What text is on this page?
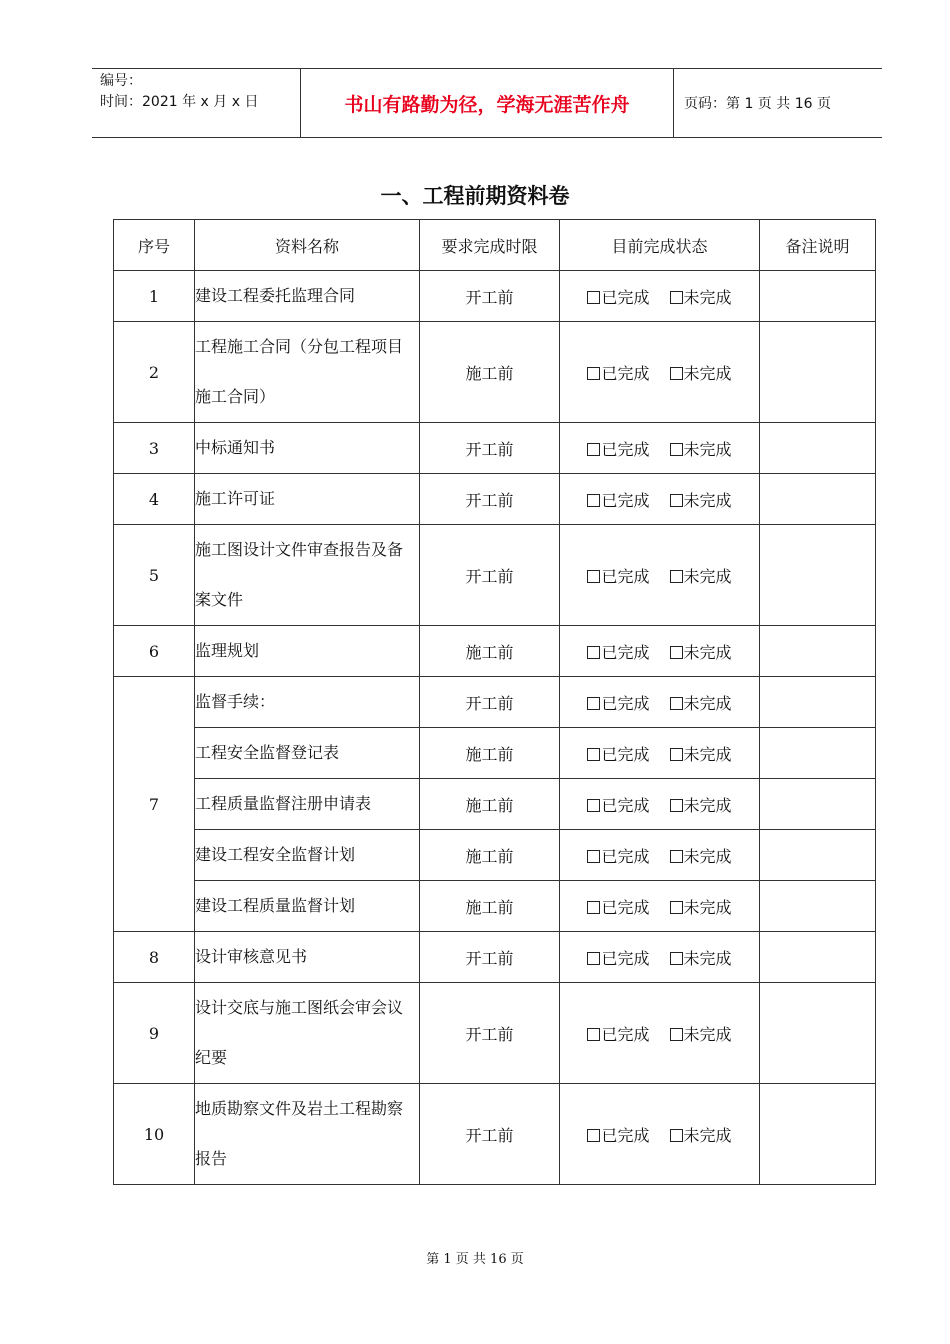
编号：
时间：2021 年 x 月 x 日	书山有路勤为径，学海无涯苦作舟	页码：第 1 页 共 16 页
一、工程前期资料卷
序号	资料名称	要求完成时限	目前完成状态	备注说明
1	建设工程委托监理合同	开工前	已完成 未完成	
2	工程施工合同（分包工程项目施工合同）	施工前	已完成 未完成	
3	中标通知书	开工前	已完成 未完成	
4	施工许可证	开工前	已完成 未完成	
5	施工图设计文件审查报告及备案文件	开工前	已完成 未完成	
6	监理规划	施工前	已完成 未完成	
7	监督手续：	开工前	已完成 未完成	
	工程安全监督登记表	施工前	已完成 未完成	
	工程质量监督注册申请表	施工前	已完成 未完成	
	建设工程安全监督计划	施工前	已完成 未完成	
	建设工程质量监督计划	施工前	已完成 未完成	
8	设计审核意见书	开工前	已完成 未完成	
9	设计交底与施工图纸会审会议纪要	开工前	已完成 未完成	
10	地质勘察文件及岩土工程勘察报告	开工前	已完成 未完成	
第 1 页 共 16 页
